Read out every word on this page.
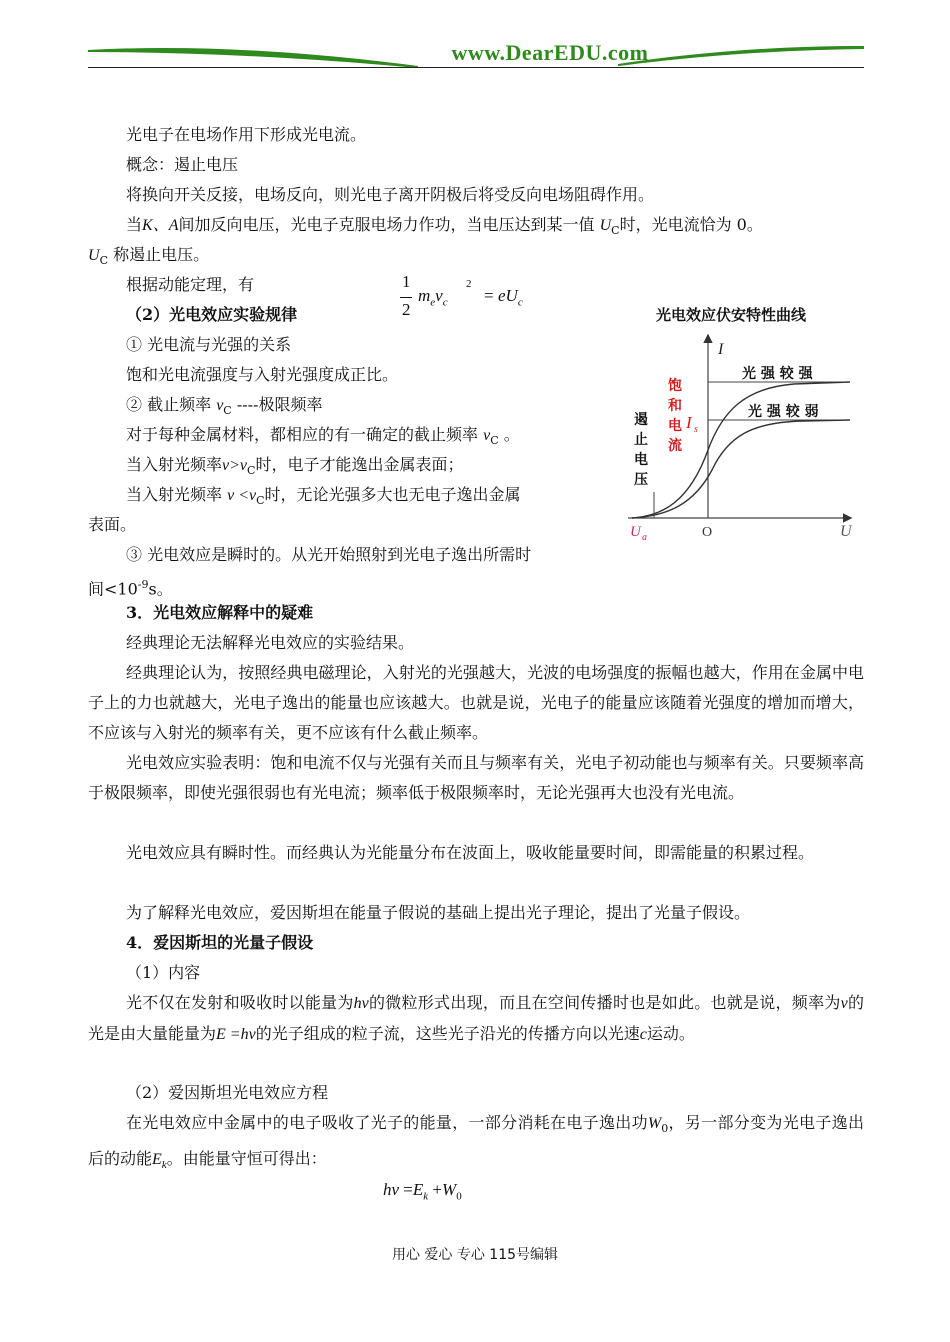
www.DearEDU.com
光电子在电场作用下形成光电流。
概念：遏止电压
将换向开关反接，电场反向，则光电子离开阴极后将受反向电场阻碍作用。
当K、A间加反向电压，光电子克服电场力作功，当电压达到某一值 $U_C$时，光电流恰为 0。
$U_C$ 称遏止电压。
根据动能定理，有	1
2
$m_ev_c$
2
= $eU_c$
（2）光电效应实验规律
① 光电流与光强的关系
饱和光电流强度与入射光强度成正比。
② 截止频率 $\nu_C$ ----极限频率
对于每种金属材料，都相应的有一确定的截止频率 $\nu_C$ 。
当入射光频率$\nu>\nu_C$时，电子才能逸出金属表面；
当入射光频率 $\nu <\nu_C$时，无论光强多大也无电子逸出金属
表面。
③ 光电效应是瞬时的。从光开始照射到光电子逸出所需时
间$<10^{-9}s$。
光电效应伏安特性曲线
I
U
O
光 强 较 强
光 强 较 弱
饱
和
电
流
I s
遏
止
电
压
U a
3．光电效应解释中的疑难
经典理论无法解释光电效应的实验结果。
经典理论认为，按照经典电磁理论，入射光的光强越大，光波的电场强度的振幅也越大，作用在金属中电子上的力也就越大，光电子逸出的能量也应该越大。也就是说，光电子的能量应该随着光强度的增加而增大，不应该与入射光的频率有关，更不应该有什么截止频率。
光电效应实验表明：饱和电流不仅与光强有关而且与频率有关，光电子初动能也与频率有关。只要频率高于极限频率，即使光强很弱也有光电流；频率低于极限频率时，无论光强再大也没有光电流。
光电效应具有瞬时性。而经典认为光能量分布在波面上，吸收能量要时间，即需能量的积累过程。
为了解释光电效应，爱因斯坦在能量子假说的基础上提出光子理论，提出了光量子假设。
4．爱因斯坦的光量子假设
（1）内容
光不仅在发射和吸收时以能量为hν的微粒形式出现，而且在空间传播时也是如此。也就是说，频率为ν的光是由大量能量为E =hν的光子组成的粒子流，这些光子沿光的传播方向以光速c运动。
（2）爱因斯坦光电效应方程
在光电效应中金属中的电子吸收了光子的能量，一部分消耗在电子逸出功$W_0$，另一部分变为光电子逸出后的动能$E_k$。由能量守恒可得出：
$h\nu =E_k +W_0$
用心 爱心 专心 115号编辑
